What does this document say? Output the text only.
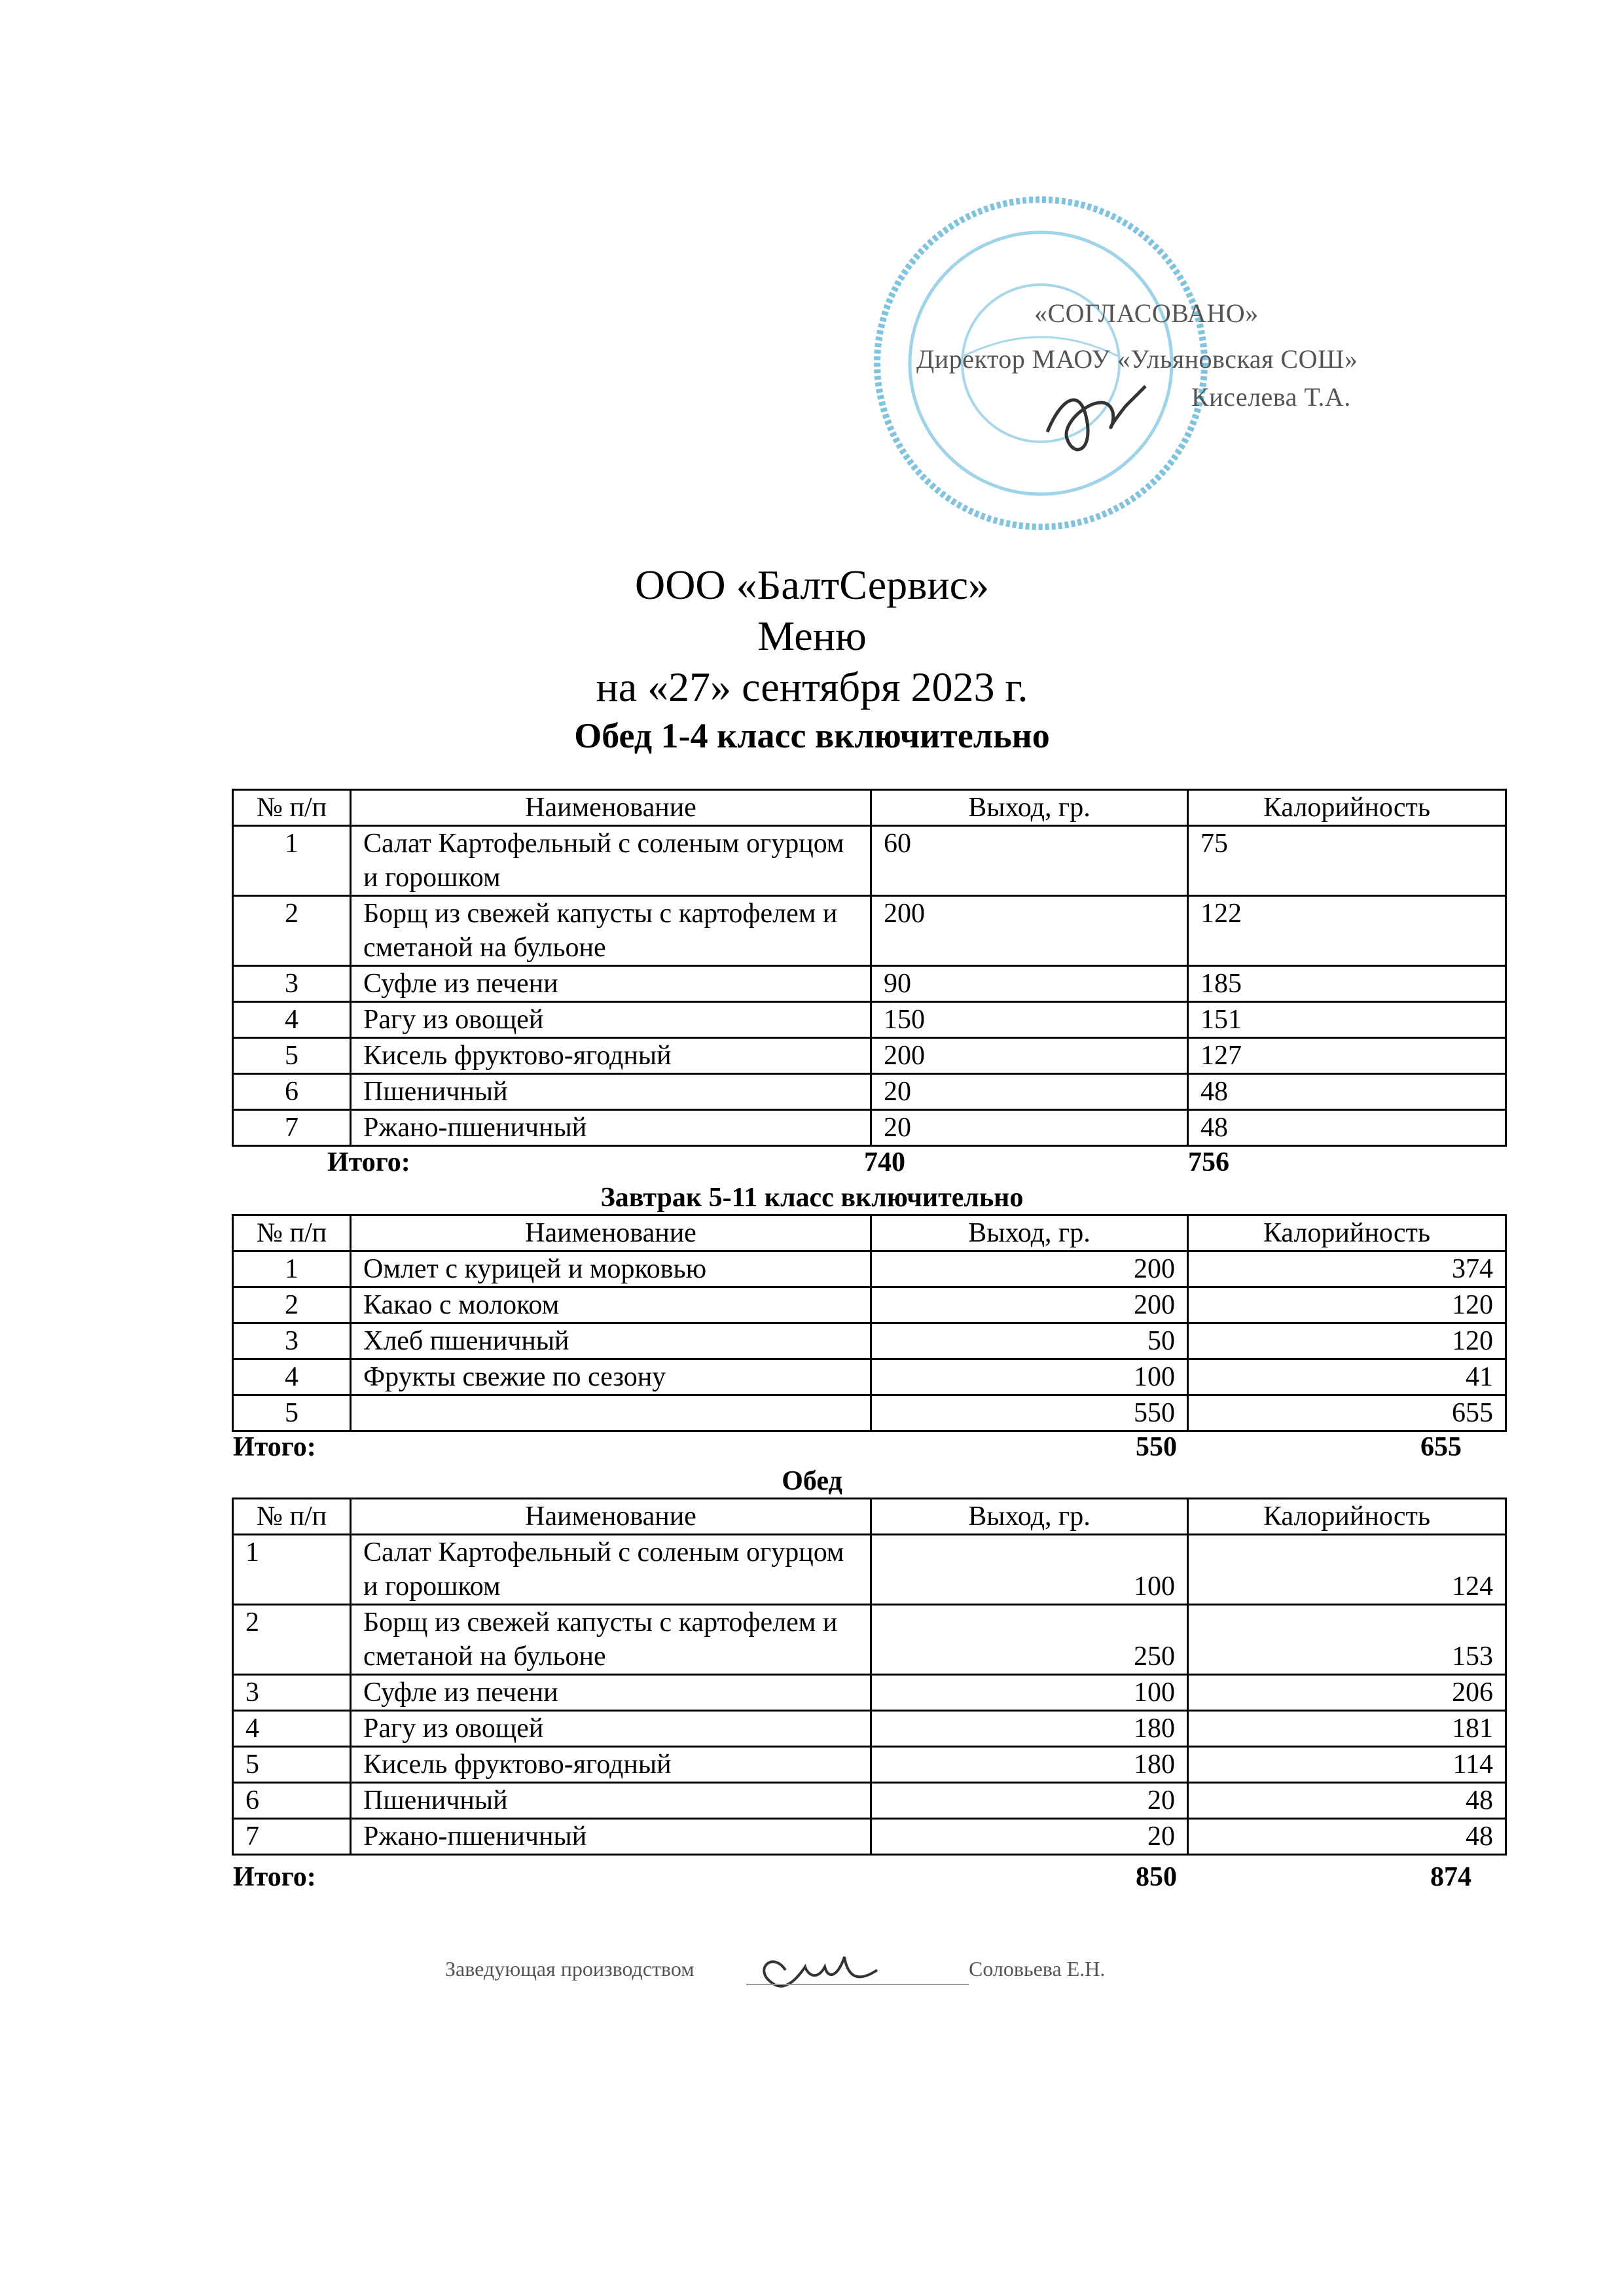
«СОГЛАСОВАНО»
Директор МАОУ «Ульяновская СОШ»
Киселева Т.А.
ООО «БалтСервис»
Меню
на «27» сентября 2023 г.
Обед 1-4 класс включительно
№ п/п	Наименование	Выход, гр.	Калорийность
1	Салат Картофельный с соленым огурцом и горошком	60	75
2	Борщ из свежей капусты с картофелем и сметаной на бульоне	200	122
3	Суфле из печени	90	185
4	Рагу из овощей	150	151
5	Кисель фруктово-ягодный	200	127
6	Пшеничный	20	48
7	Ржано-пшеничный	20	48
Итого:	740	756
Завтрак 5-11 класс включительно
№ п/п	Наименование	Выход, гр.	Калорийность
1	Омлет с курицей и морковью	200	374
2	Какао с молоком	200	120
3	Хлеб пшеничный	50	120
4	Фрукты свежие по сезону	100	41
5		550	655
Итого:	550	655
Обед
№ п/п	Наименование	Выход, гр.	Калорийность
1	Салат Картофельный с соленым огурцом и горошком	100	124
2	Борщ из свежей капусты с картофелем и сметаной на бульоне	250	153
3	Суфле из печени	100	206
4	Рагу из овощей	180	181
5	Кисель фруктово-ягодный	180	114
6	Пшеничный	20	48
7	Ржано-пшеничный	20	48
Итого:	850	874
Заведующая производством	Соловьева Е.Н.
